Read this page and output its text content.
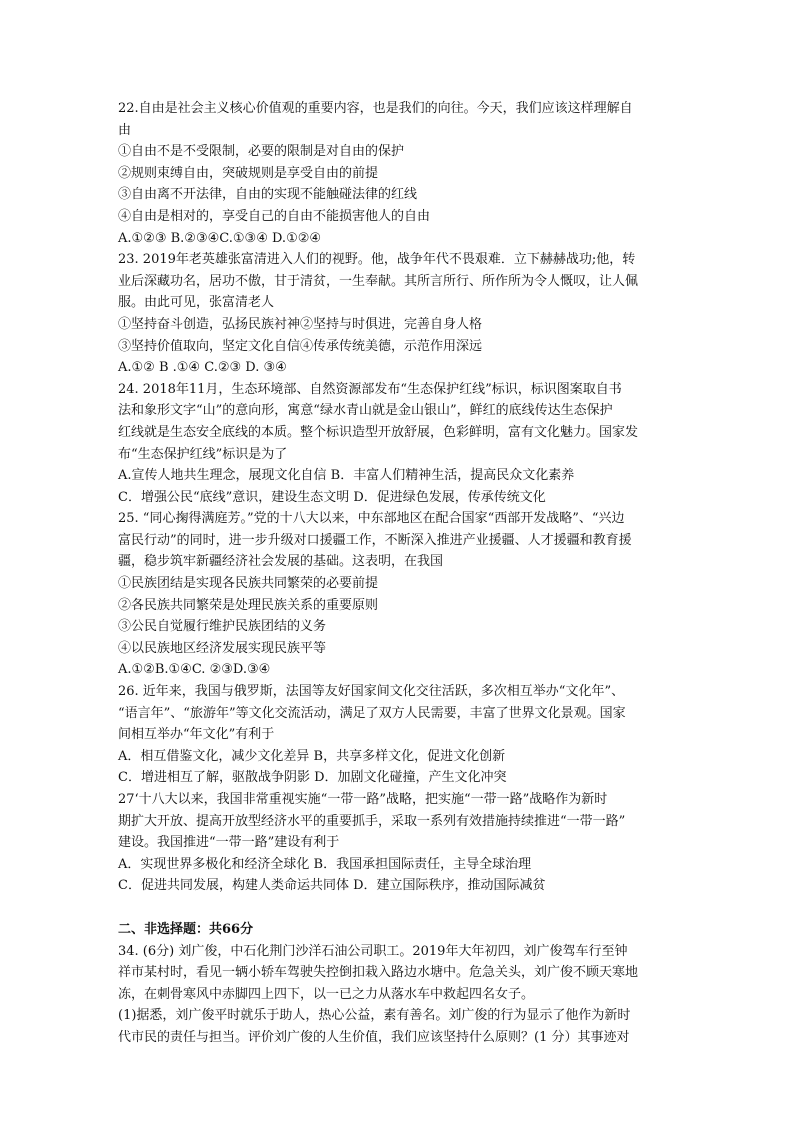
22.自由是社会主义核心价值观的重要内容，也是我们的向往。今天，我们应该这样理解自
由
①自由不是不受限制，必要的限制是对自由的保护
②规则束缚自由，突破规则是享受自由的前提
③自由离不开法律，自由的实现不能触碰法律的红线
④自由是相对的，享受自己的自由不能损害他人的自由
A.①②③ B.②③④C.①③④ D.①②④
23. 2019年老英雄张富清进入人们的视野。他，战争年代不畏艰难．立下赫赫战功;他，转
业后深藏功名，居功不傲，甘于清贫，一生奉献。其所言所行、所作所为令人慨叹，让人佩
服。由此可见，张富清老人
①坚持奋斗创造，弘扬民族衬神②坚持与时俱进，完善自身人格
③坚持价值取向，坚定文化自信④传承传统美德，示范作用深远
A.①② B .①④ C.②③ D. ③④
24. 2018年11月，生态环境部、自然资源部发布“生态保护红线”标识，标识图案取自书
法和象形文字“山”的意向形，寓意“绿水青山就是金山银山”，鲜红的底线传达生态保护
红线就是生态安全底线的本质。整个标识造型开放舒展，色彩鲜明，富有文化魅力。国家发
布“生态保护红线”标识是为了
A.宣传人地共生理念，展现文化自信 B．丰富人们精神生活，提高民众文化素养
C．增强公民“底线”意识，建设生态文明 D．促进绿色发展，传承传统文化
25. “同心掬得满庭芳。”党的十八大以来，中东部地区在配合国家“西部开发战略”、“兴边
富民行动”的同时，进一步升级对口援疆工作，不断深入推进产业援疆、人才援疆和教育援
疆，稳步筑牢新疆经济社会发展的基础。这表明，在我国
①民族团结是实现各民族共同繁荣的必要前提
②各民族共同繁荣是处理民族关系的重要原则
③公民自觉履行维护民族团结的义务
④以民族地区经济发展实现民族平等
A.①②B.①④C. ②③D.③④
26. 近年来，我国与俄罗斯，法国等友好国家间文化交往活跃，多次相互举办“文化年”、
“语言年”、“旅游年”等文化交流活动，满足了双方人民需要，丰富了世界文化景观。国家
间相互举办“年文化”有利于
A．相互借鉴文化，减少文化差异 B，共享多样文化，促进文化创新
C．增进相互了解，驱散战争阴影 D．加剧文化碰撞，产生文化冲突
27‘十八大以来，我国非常重视实施“一带一路”战略，把实施“一带一路”战略作为新时
期扩大开放、提高开放型经济水平的重要抓手，采取一系列有效措施持续推进“一带一路”
建设。我国推进“一带一路”建设有利于
A．实现世界多极化和经济全球化 B．我国承担国际责任，主导全球治理
C．促进共同发展，构建人类命运共同体 D．建立国际秩序，推动国际减贫
二、非选择题：共66分
34. (6分) 刘广俊，中石化荆门沙洋石油公司职工。2019年大年初四，刘广俊驾车行至钟
祥市某村时，看见一辆小轿车驾驶失控倒扣栽入路边水塘中。危急关头，刘广俊不顾天寒地
冻，在刺骨寒风中赤脚四上四下，以一已之力从落水车中救起四名女子。
(1)据悉，刘广俊平时就乐于助人，热心公益，素有善名。刘广俊的行为显示了他作为新时
代市民的责任与担当。评价刘广俊的人生价值，我们应该坚持什么原则？(1 分）其事迹对
